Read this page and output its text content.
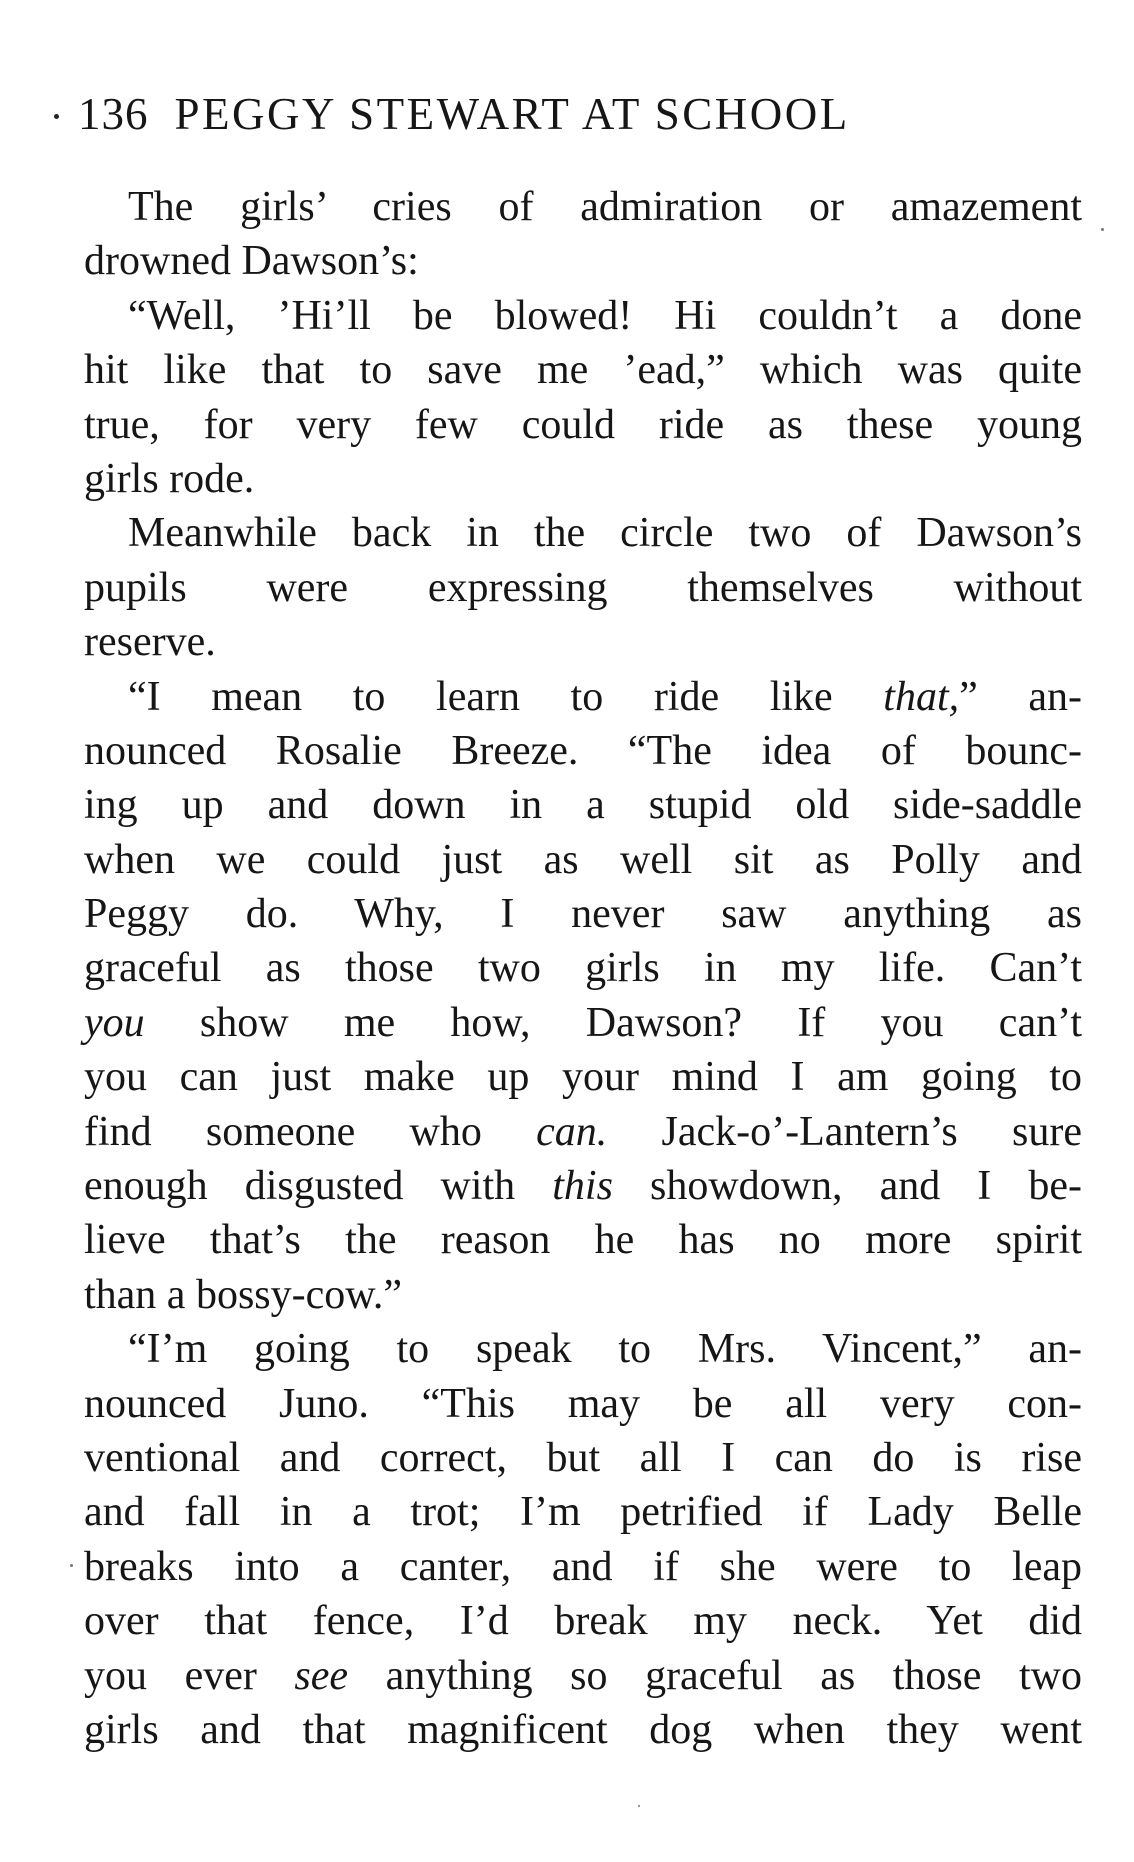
136 PEGGY STEWART AT SCHOOL
The girls’ cries of admiration or amazement
drowned Dawson’s:
“Well, ’Hi’ll be blowed! Hi couldn’t a done
hit like that to save me ’ead,” which was quite
true, for very few could ride as these young
girls rode.
Meanwhile back in the circle two of Dawson’s
pupils were expressing themselves without
reserve.
“I mean to learn to ride like that,” an-
nounced Rosalie Breeze. “The idea of bounc-
ing up and down in a stupid old side-saddle
when we could just as well sit as Polly and
Peggy do. Why, I never saw anything as
graceful as those two girls in my life. Can’t
you show me how, Dawson? If you can’t
you can just make up your mind I am going to
find someone who can. Jack-o’-Lantern’s sure
enough disgusted with this showdown, and I be-
lieve that’s the reason he has no more spirit
than a bossy-cow.”
“I’m going to speak to Mrs. Vincent,” an-
nounced Juno. “This may be all very con-
ventional and correct, but all I can do is rise
and fall in a trot; I’m petrified if Lady Belle
breaks into a canter, and if she were to leap
over that fence, I’d break my neck. Yet did
you ever see anything so graceful as those two
girls and that magnificent dog when they went
